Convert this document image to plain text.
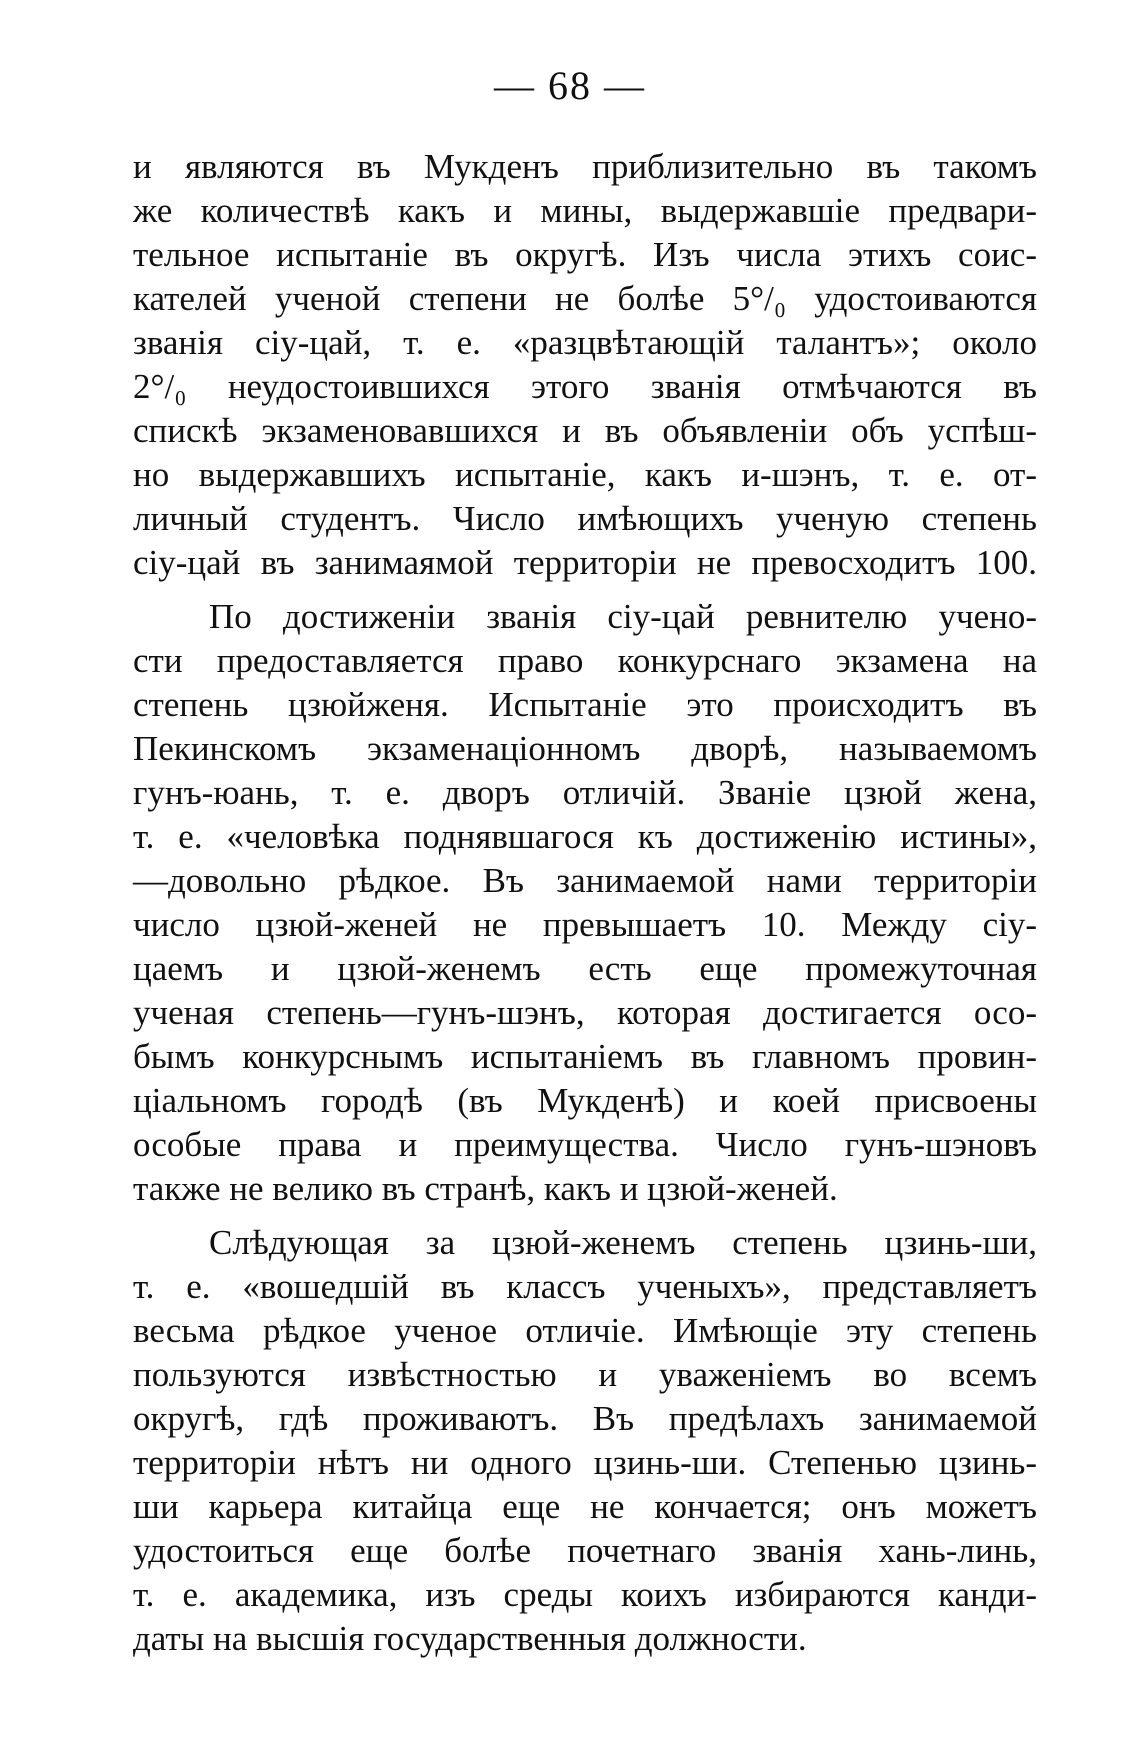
— 68 —
и являются въ Мукденъ приблизительно въ такомъ
же количествѣ какъ и мины, выдержавшіе предвари-
тельное испытаніе въ округѣ. Изъ числа этихъ соис-
кателей ученой степени не болѣе 5°/₀ удостоиваются
званія сіу-цай, т. е. «разцвѣтающій талантъ»; около
2°/₀ неудостоившихся этого званія отмѣчаются въ
спискѣ экзаменовавшихся и въ объявленіи объ успѣш-
но выдержавшихъ испытаніе, какъ и-шэнъ, т. е. от-
личный студентъ. Число имѣющихъ ученую степень
сіу-цай въ занимаямой территоріи не превосходитъ 100.
По достиженіи званія сіу-цай ревнителю учено-
сти предоставляется право конкурснаго экзамена на
степень цзюйженя. Испытаніе это происходитъ въ
Пекинскомъ экзаменаціонномъ дворѣ, называемомъ
гунъ-юань, т. е. дворъ отличій. Званіе цзюй жена,
т. е. «человѣка поднявшагося къ достиженію истины»,
—довольно рѣдкое. Въ занимаемой нами территоріи
число цзюй-женей не превышаетъ 10. Между сіу-
цаемъ и цзюй-женемъ есть еще промежуточная
ученая степень—гунъ-шэнъ, которая достигается осо-
бымъ конкурснымъ испытаніемъ въ главномъ провин-
ціальномъ городѣ (въ Мукденѣ) и коей присвоены
особые права и преимущества. Число гунъ-шэновъ
также не велико въ странѣ, какъ и цзюй-женей.
Слѣдующая за цзюй-женемъ степень цзинь-ши,
т. е. «вошедшій въ классъ ученыхъ», представляетъ
весьма рѣдкое ученое отличіе. Имѣющіе эту степень
пользуются извѣстностью и уваженіемъ во всемъ
округѣ, гдѣ проживаютъ. Въ предѣлахъ занимаемой
территоріи нѣтъ ни одного цзинь-ши. Степенью цзинь-
ши карьера китайца еще не кончается; онъ можетъ
удостоиться еще болѣе почетнаго званія хань-линь,
т. е. академика, изъ среды коихъ избираются канди-
даты на высшія государственныя должности.
